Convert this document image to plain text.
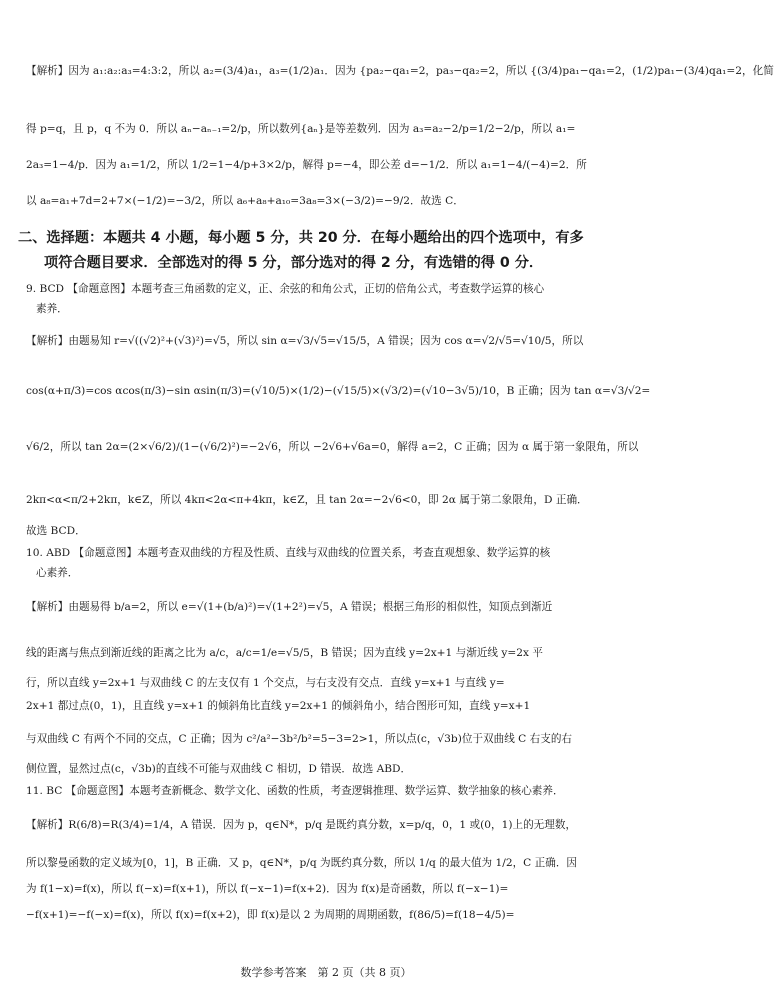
【解析】因为 a₁:a₂:a₃=4:3:2，所以 a₂=(3/4)a₁，a₃=(1/2)a₁．因为 {pa₂−qa₁=2，pa₃−qa₂=2，所以 {(3/4)pa₁−qa₁=2，(1/2)pa₁−(3/4)qa₁=2，化简
得 p=q，且 p，q 不为 0．所以 aₙ−aₙ₋₁=2/p，所以数列{aₙ}是等差数列．因为 a₃=a₂−2/p=1/2−2/p，所以 a₁=
2a₃=1−4/p．因为 a₁=1/2，所以 1/2=1−4/p+3×2/p，解得 p=−4，即公差 d=−1/2．所以 a₁=1−4/(−4)=2．所
以 a₈=a₁+7d=2+7×(−1/2)=−3/2，所以 a₆+a₈+a₁₀=3a₈=3×(−3/2)=−9/2．故选 C．
二、选择题：本题共 4 小题，每小题 5 分，共 20 分．在每小题给出的四个选项中，有多
项符合题目要求．全部选对的得 5 分，部分选对的得 2 分，有选错的得 0 分．
9. BCD 【命题意图】本题考查三角函数的定义，正、余弦的和角公式，正切的倍角公式，考查数学运算的核心
素养．
【解析】由题易知 r=√((√2)²+(√3)²)=√5，所以 sin α=√3/√5=√15/5，A 错误；因为 cos α=√2/√5=√10/5，所以
cos(α+π/3)=cos αcos(π/3)−sin αsin(π/3)=(√10/5)×(1/2)−(√15/5)×(√3/2)=(√10−3√5)/10，B 正确；因为 tan α=√3/√2=
√6/2，所以 tan 2α=(2×√6/2)/(1−(√6/2)²)=−2√6，所以 −2√6+√6a=0，解得 a=2，C 正确；因为 α 属于第一象限角，所以
2kπ<α<π/2+2kπ，k∈Z，所以 4kπ<2α<π+4kπ，k∈Z，且 tan 2α=−2√6<0，即 2α 属于第二象限角，D 正确．
故选 BCD．
10. ABD 【命题意图】本题考查双曲线的方程及性质、直线与双曲线的位置关系，考查直观想象、数学运算的核
心素养．
【解析】由题易得 b/a=2，所以 e=√(1+(b/a)²)=√(1+2²)=√5，A 错误；根据三角形的相似性，知顶点到渐近
线的距离与焦点到渐近线的距离之比为 a/c，a/c=1/e=√5/5，B 错误；因为直线 y=2x+1 与渐近线 y=2x 平
行，所以直线 y=2x+1 与双曲线 C 的左支仅有 1 个交点，与右支没有交点．直线 y=x+1 与直线 y=
2x+1 都过点(0，1)，且直线 y=x+1 的倾斜角比直线 y=2x+1 的倾斜角小，结合图形可知，直线 y=x+1
与双曲线 C 有两个不同的交点，C 正确；因为 c²/a²−3b²/b²=5−3=2>1，所以点(c，√3b)位于双曲线 C 右支的右
侧位置，显然过点(c，√3b)的直线不可能与双曲线 C 相切，D 错误．故选 ABD．
11. BC 【命题意图】本题考查新概念、数学文化、函数的性质，考查逻辑推理、数学运算、数学抽象的核心素养．
【解析】R(6/8)=R(3/4)=1/4，A 错误．因为 p，q∈N*，p/q 是既约真分数，x=p/q，0，1 或(0，1)上的无理数，
所以黎曼函数的定义域为[0，1]，B 正确．又 p，q∈N*，p/q 为既约真分数，所以 1/q 的最大值为 1/2，C 正确．因
为 f(1−x)=f(x)，所以 f(−x)=f(x+1)，所以 f(−x−1)=f(x+2)．因为 f(x)是奇函数，所以 f(−x−1)=
−f(x+1)=−f(−x)=f(x)，所以 f(x)=f(x+2)，即 f(x)是以 2 为周期的周期函数，f(86/5)=f(18−4/5)=
数学参考答案　第 2 页（共 8 页）
